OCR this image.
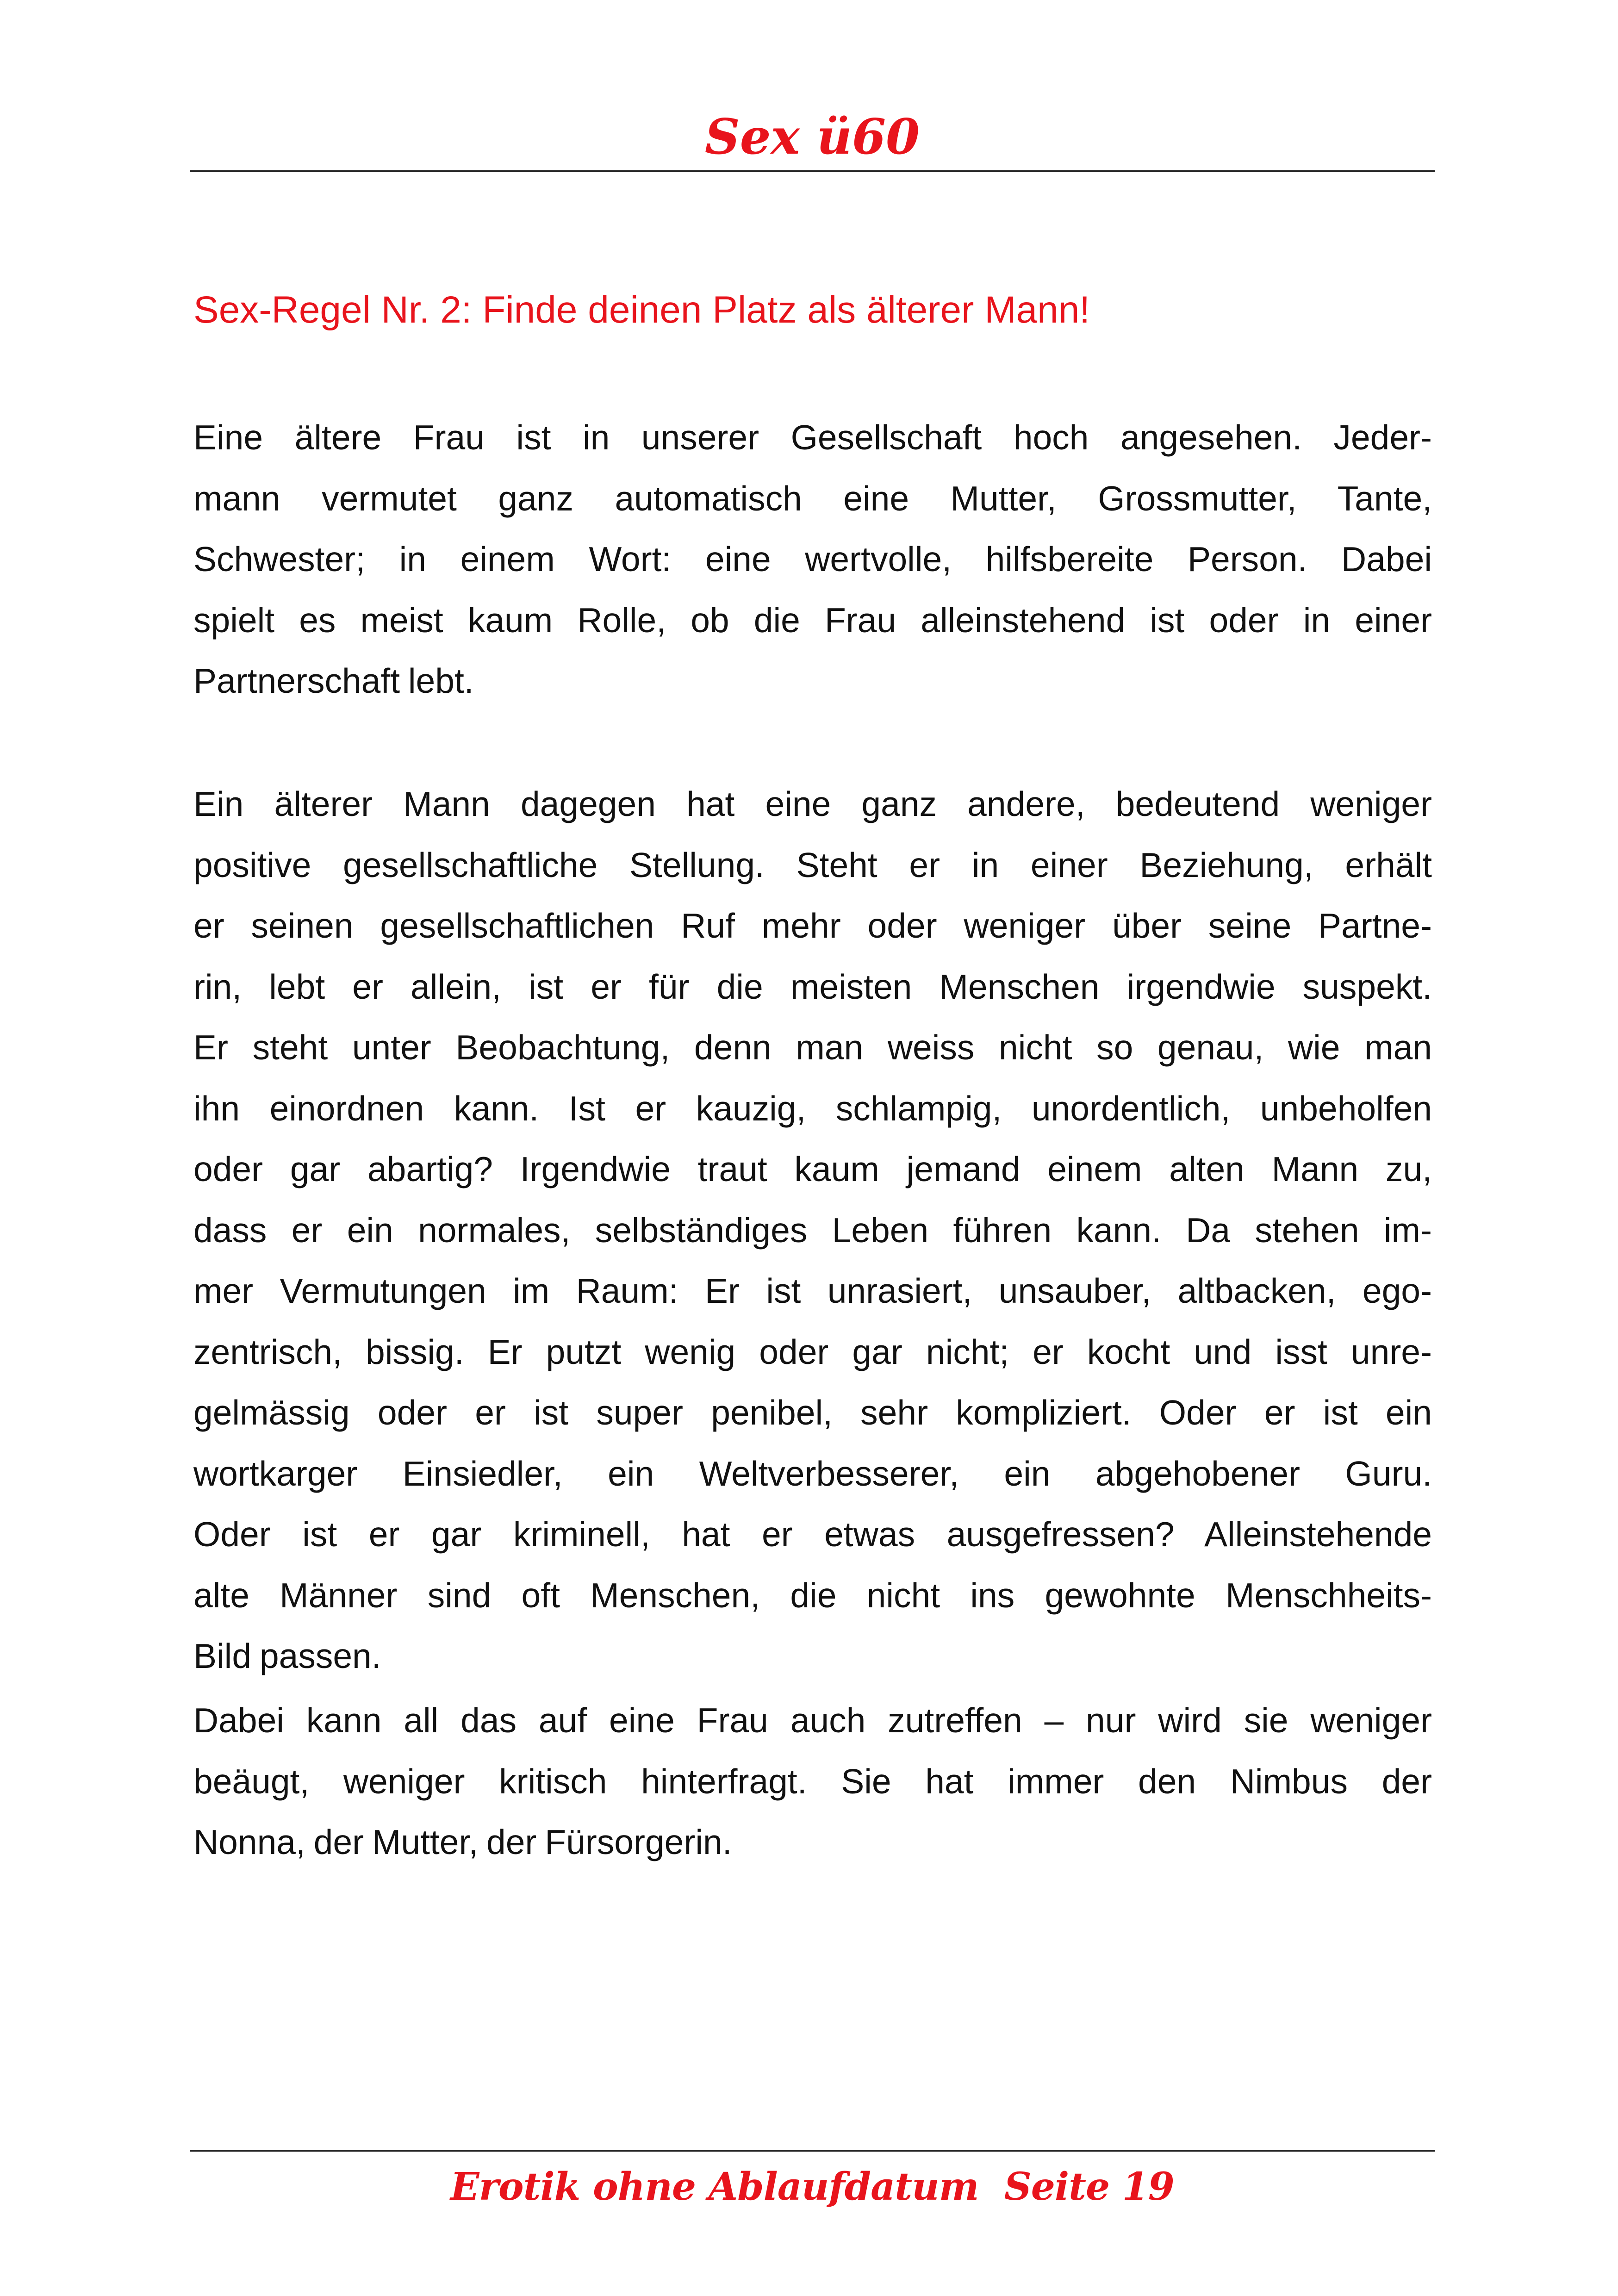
Sex ü60
Sex-Regel Nr. 2: Finde deinen Platz als älterer Mann!
Eine ältere Frau ist in unserer Gesellschaft hoch angesehen. Jeder-
mann vermutet ganz automatisch eine Mutter, Grossmutter, Tante,
Schwester; in einem Wort: eine wertvolle, hilfsbereite Person. Dabei
spielt es meist kaum Rolle, ob die Frau alleinstehend ist oder in einer
Partnerschaft lebt.
Ein älterer Mann dagegen hat eine ganz andere, bedeutend weniger
positive gesellschaftliche Stellung. Steht er in einer Beziehung, erhält
er seinen gesellschaftlichen Ruf mehr oder weniger über seine Partne-
rin, lebt er allein, ist er für die meisten Menschen irgendwie suspekt.
Er steht unter Beobachtung, denn man weiss nicht so genau, wie man
ihn einordnen kann. Ist er kauzig, schlampig, unordentlich, unbeholfen
oder gar abartig? Irgendwie traut kaum jemand einem alten Mann zu,
dass er ein normales, selbständiges Leben führen kann. Da stehen im-
mer Vermutungen im Raum: Er ist unrasiert, unsauber, altbacken, ego-
zentrisch, bissig. Er putzt wenig oder gar nicht; er kocht und isst unre-
gelmässig oder er ist super penibel, sehr kompliziert. Oder er ist ein
wortkarger Einsiedler, ein Weltverbesserer, ein abgehobener Guru.
Oder ist er gar kriminell, hat er etwas ausgefressen? Alleinstehende
alte Männer sind oft Menschen, die nicht ins gewohnte Menschheits-
Bild passen.
Dabei kann all das auf eine Frau auch zutreffen – nur wird sie weniger
beäugt, weniger kritisch hinterfragt. Sie hat immer den Nimbus der
Nonna, der Mutter, der Fürsorgerin.
Erotik ohne Ablaufdatum  Seite 19
